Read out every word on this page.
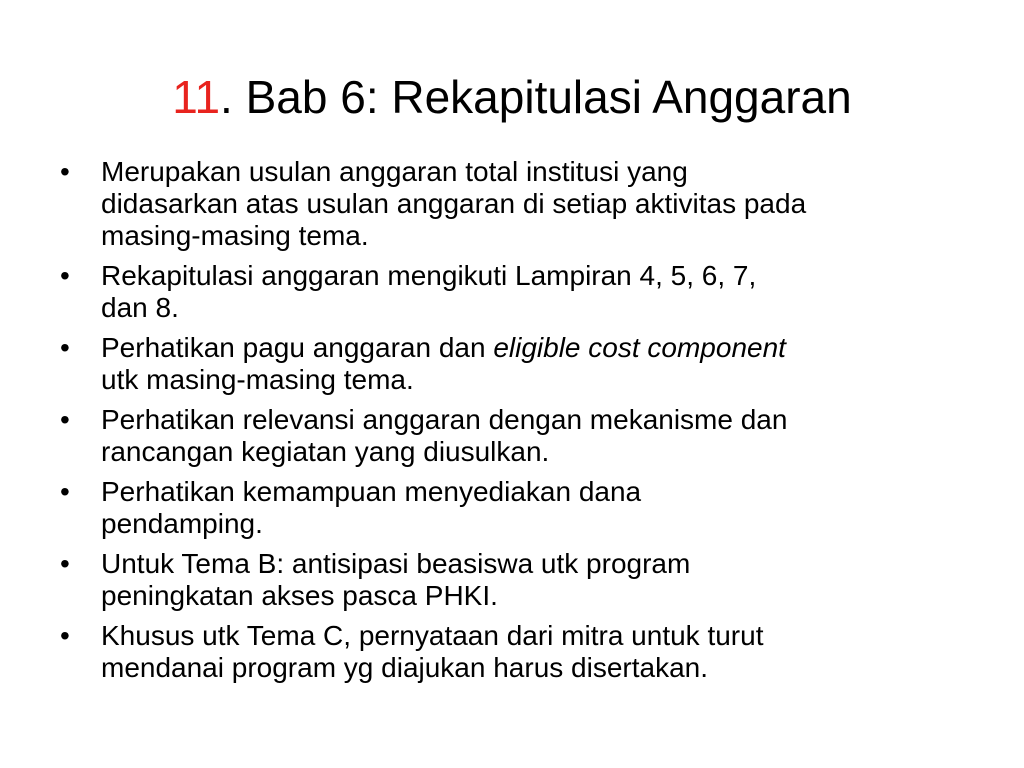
11. Bab 6: Rekapitulasi Anggaran
•	Merupakan usulan anggaran total institusi yang
didasarkan atas usulan anggaran di setiap aktivitas pada
masing-masing tema.
•	Rekapitulasi anggaran mengikuti Lampiran 4, 5, 6, 7,
dan 8.
•	Perhatikan pagu anggaran dan eligible cost component
utk masing-masing tema.
•	Perhatikan relevansi anggaran dengan mekanisme dan
rancangan kegiatan yang diusulkan.
•	Perhatikan kemampuan menyediakan dana
pendamping.
•	Untuk Tema B: antisipasi beasiswa utk program
peningkatan akses pasca PHKI.
•	Khusus utk Tema C, pernyataan dari mitra untuk turut
mendanai program yg diajukan harus disertakan.
